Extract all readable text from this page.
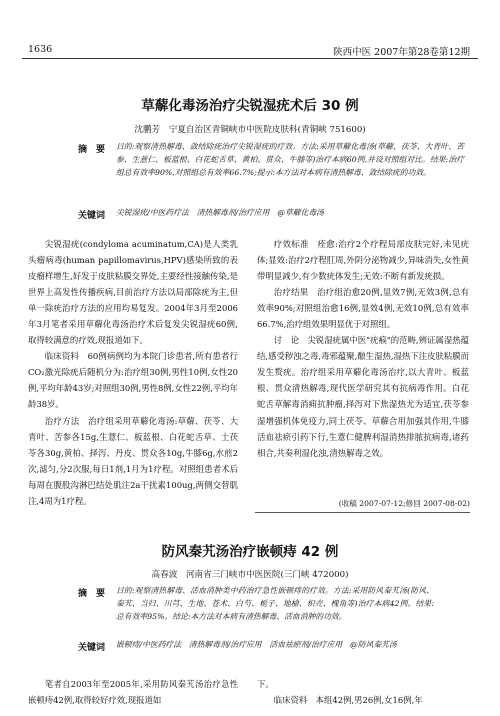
1636	陕西中医 2007年第28卷第12期
草薢化毒汤治疗尖锐湿疣术后 30 例
沈鹏芳　宁夏自治区青铜峡市中医院皮肤科(青铜峡 751600)
摘　要 目的:观察清热解毒、敛结除疣治疗尖锐湿疣的疗效。方法:采用草薢化毒汤(草薢、茯苓、大青叶、苦参、生薏仁、板蓝根、白花蛇舌草、黄柏、贯众、牛膝等)治疗本病60例,并设对照组对比。结果:治疗组总有效率90%,对照组总有效率66.7%;提示:本方法对本病有清热解毒、敛结除疣的功效。
关键词 尖锐湿疣/中医药疗法　清热解毒剂/治疗应用　@草薢化毒汤

尖锐湿疣(condyloma acuminatum,CA)是人类乳头瘤病毒(human papillomavirus,HPV)感染所致的表皮瘤样增生,好发于皮肤粘膜交界处,主要经性接触传染,是世界上高发性传播疾病,目前治疗方法以局部除疣为主,但单一除疣治疗方法的应用均易复发。2004年3月至2006年3月笔者采用草薢化毒汤治疗术后复发尖锐湿疣60例,取得较满意的疗效,现报道如下。

临床资料　60例病例均为本院门诊患者,所有患者行CO₂激光除疣后随机分为:治疗组30例,男性10例,女性20例,平均年龄43岁;对照组30例,男性8例,女性22例,平均年龄38岁。

治疗方法　治疗组采用草薢化毒汤:草薢、茯苓、大青叶、苦参各15g,生薏仁、板蓝根、白花蛇舌草、土茯苓各30g,黄柏、择泻、丹皮、贯众各10g,牛膝6g,水煎2次,滤匀,分2次服,每日1剂,1月为1疗程。对照组患者术后每周在腹股沟淋巴结处肌注2a干扰素100ug,两侧交替肌注,4周为1疗程。

疗效标准　痊愈:治疗2个疗程局部皮肤完好,未见疣体;显效:治疗2疗程肛周,外阴分泌物减少,异味消失,女性黄带明显减少,有少数疣体发生;无效:不断有新发疣损。

治疗结果　治疗组治愈20例,显效7例,无效3例,总有效率90%;对照组治愈16例,显效4例,无效10例,总有效率66.7%,治疗组效果明显优于对照组。

讨　论　尖锐湿疣属中医"疣瘊"的范畴,辨证属湿热蕴结,感受秽浊之毒,毒邪蕴聚,酿生湿热,湿热下注皮肤粘膜而发生赘疣。治疗组采用草薢化毒汤治疗,以大青叶、板蓝根、贯众清热解毒,现代医学研究其有抗病毒作用。白花蛇舌草解毒消痈抗肿瘤,择泻对下焦湿热尤为适宜,茯苓参湿增强机体免疫力,同土茯苓、草薢合用加强其作用,牛膝活血祛瘀引药下行,生薏仁健脾利湿消热排脓抗病毒,诸药相合,共奏利湿化浊,清热解毒之效。

(收稿 2007-07-12;修回 2007-08-02)
防风秦艽汤治疗嵌顿痔 42 例
高春波　河南省三门峡市中医医院(三门峡 472000)
摘　要 目的:观察清热解毒、活血消肿类中药治疗急性嵌顿痔的疗效。方法:采用防风秦艽汤(防风、秦艽、当归、川芎、生地、苍术、白芍、栀子、地榆、枳壳、槐角等)治疗本病42例。结果:总有效率95%。结论:本方法对本病有清热解毒、活血消肿的功效。
关键词 嵌顿痔/中医药疗法　清热解毒剂/治疗应用　活血祛瘀剂/治疗应用　@防风秦艽汤

笔者自2003年至2005年,采用防风秦艽汤治疗急性嵌顿痔42例,取得较好疗效,现报道如

下。

临床资料　本组42例,男26例,女16例,年
